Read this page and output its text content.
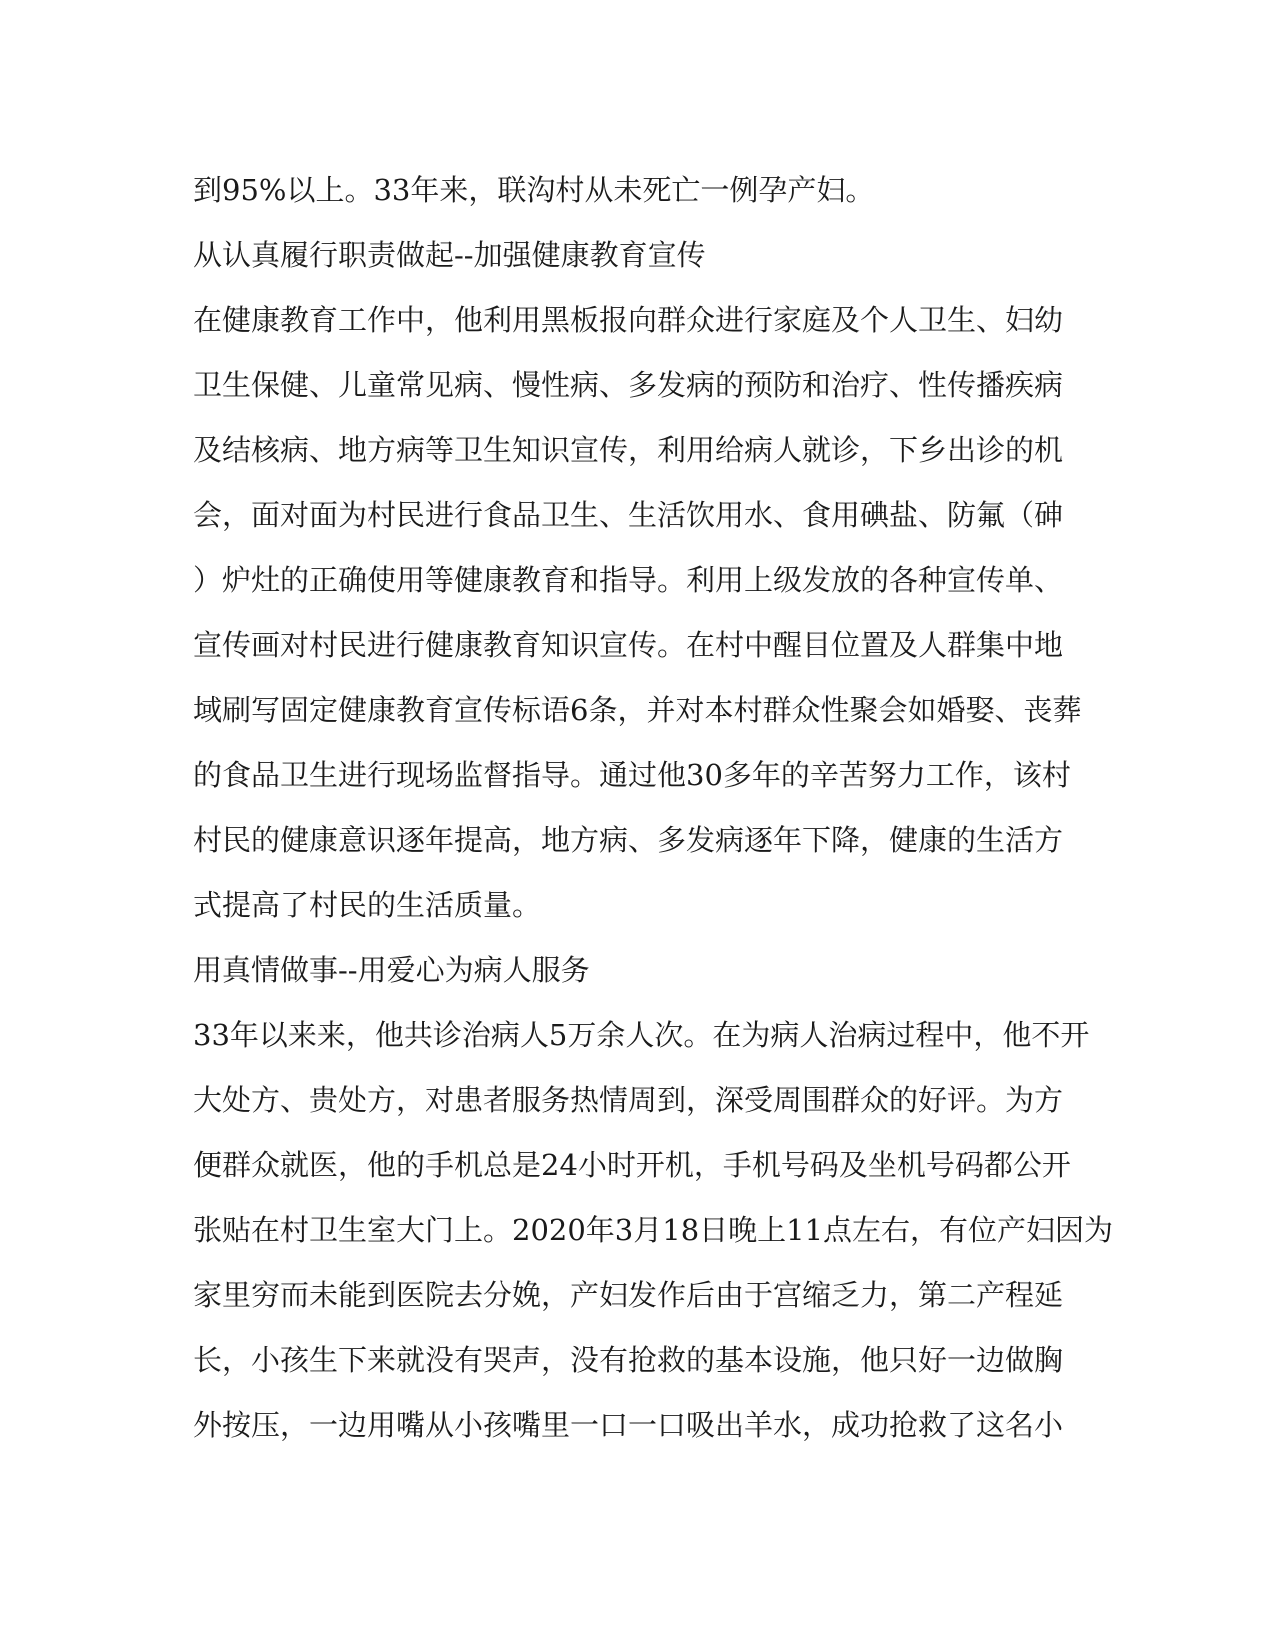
到95%以上。33年来，联沟村从未死亡一例孕产妇。
从认真履行职责做起--加强健康教育宣传
在健康教育工作中，他利用黑板报向群众进行家庭及个人卫生、妇幼
卫生保健、儿童常见病、慢性病、多发病的预防和治疗、性传播疾病
及结核病、地方病等卫生知识宣传，利用给病人就诊，下乡出诊的机
会，面对面为村民进行食品卫生、生活饮用水、食用碘盐、防氟（砷
）炉灶的正确使用等健康教育和指导。利用上级发放的各种宣传单、
宣传画对村民进行健康教育知识宣传。在村中醒目位置及人群集中地
域刷写固定健康教育宣传标语6条，并对本村群众性聚会如婚娶、丧葬
的食品卫生进行现场监督指导。通过他30多年的辛苦努力工作，该村
村民的健康意识逐年提高，地方病、多发病逐年下降，健康的生活方
式提高了村民的生活质量。
用真情做事--用爱心为病人服务
33年以来来，他共诊治病人5万余人次。在为病人治病过程中，他不开
大处方、贵处方，对患者服务热情周到，深受周围群众的好评。为方
便群众就医，他的手机总是24小时开机，手机号码及坐机号码都公开
张贴在村卫生室大门上。2020年3月18日晚上11点左右，有位产妇因为
家里穷而未能到医院去分娩，产妇发作后由于宫缩乏力，第二产程延
长，小孩生下来就没有哭声，没有抢救的基本设施，他只好一边做胸
外按压，一边用嘴从小孩嘴里一口一口吸出羊水，成功抢救了这名小
